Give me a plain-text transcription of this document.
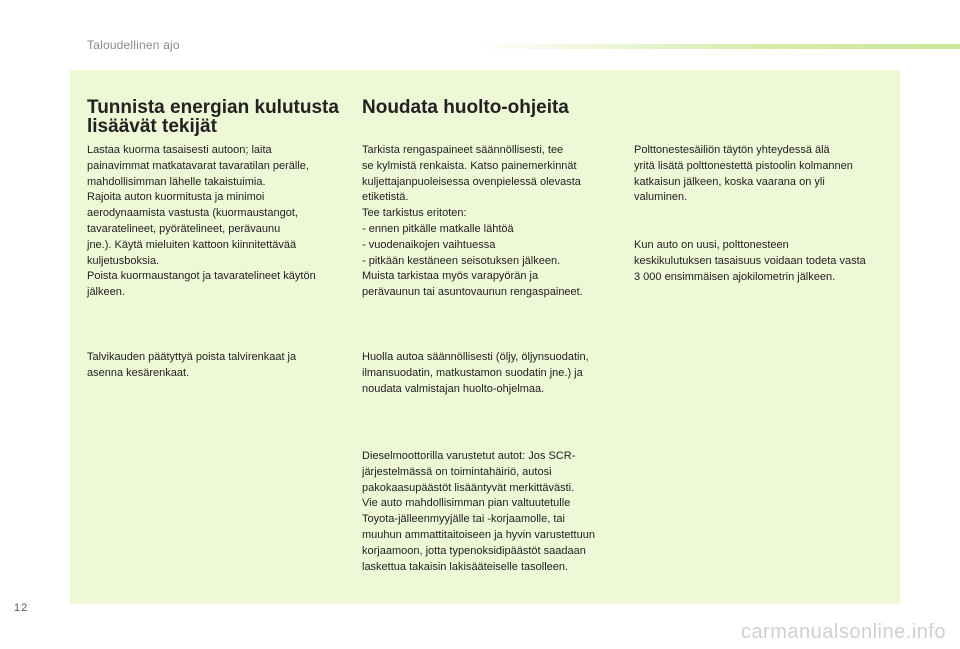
Taloudellinen ajo
Tunnista energian kulutusta
lisäävät tekijät

Lastaa kuorma tasaisesti autoon; laita
painavimmat matkatavarat tavaratilan perälle,
mahdollisimman lähelle takaistuimia.
Rajoita auton kuormitusta ja minimoi
aerodynaamista vastusta (kuormaustangot,
tavaratelineet, pyörätelineet, perävaunu
jne.). Käytä mieluiten kattoon kiinnitettävää
kuljetusboksia.
Poista kuormaustangot ja tavaratelineet käytön
jälkeen.

Talvikauden päätyttyä poista talvirenkaat ja
asenna kesärenkaat.

Noudata huolto-ohjeita

Tarkista rengaspaineet säännöllisesti, tee
se kylmistä renkaista. Katso painemerkinnät
kuljettajanpuoleisessa ovenpielessä olevasta
etiketistä.
Tee tarkistus eritoten:
- ennen pitkälle matkalle lähtöä
- vuodenaikojen vaihtuessa
- pitkään kestäneen seisotuksen jälkeen.
Muista tarkistaa myös varapyörän ja
perävaunun tai asuntovaunun rengaspaineet.

Huolla autoa säännöllisesti (öljy, öljynsuodatin,
ilmansuodatin, matkustamon suodatin jne.) ja
noudata valmistajan huolto-ohjelmaa.

Dieselmoottorilla varustetut autot: Jos SCR-
järjestelmässä on toimintahäiriö, autosi
pakokaasupäästöt lisääntyvät merkittävästi.
Vie auto mahdollisimman pian valtuutetulle
Toyota-jälleenmyyjälle tai -korjaamolle, tai
muuhun ammattitaitoiseen ja hyvin varustettuun
korjaamoon, jotta typenoksidipäästöt saadaan
laskettua takaisin lakisääteiselle tasolleen.

Polttonestesäiliön täytön yhteydessä älä
yritä lisätä polttonestettä pistoolin kolmannen
katkaisun jälkeen, koska vaarana on yli
valuminen.

Kun auto on uusi, polttonesteen
keskikulutuksen tasaisuus voidaan todeta vasta
3 000 ensimmäisen ajokilometrin jälkeen.

12
carmanualsonline.info
